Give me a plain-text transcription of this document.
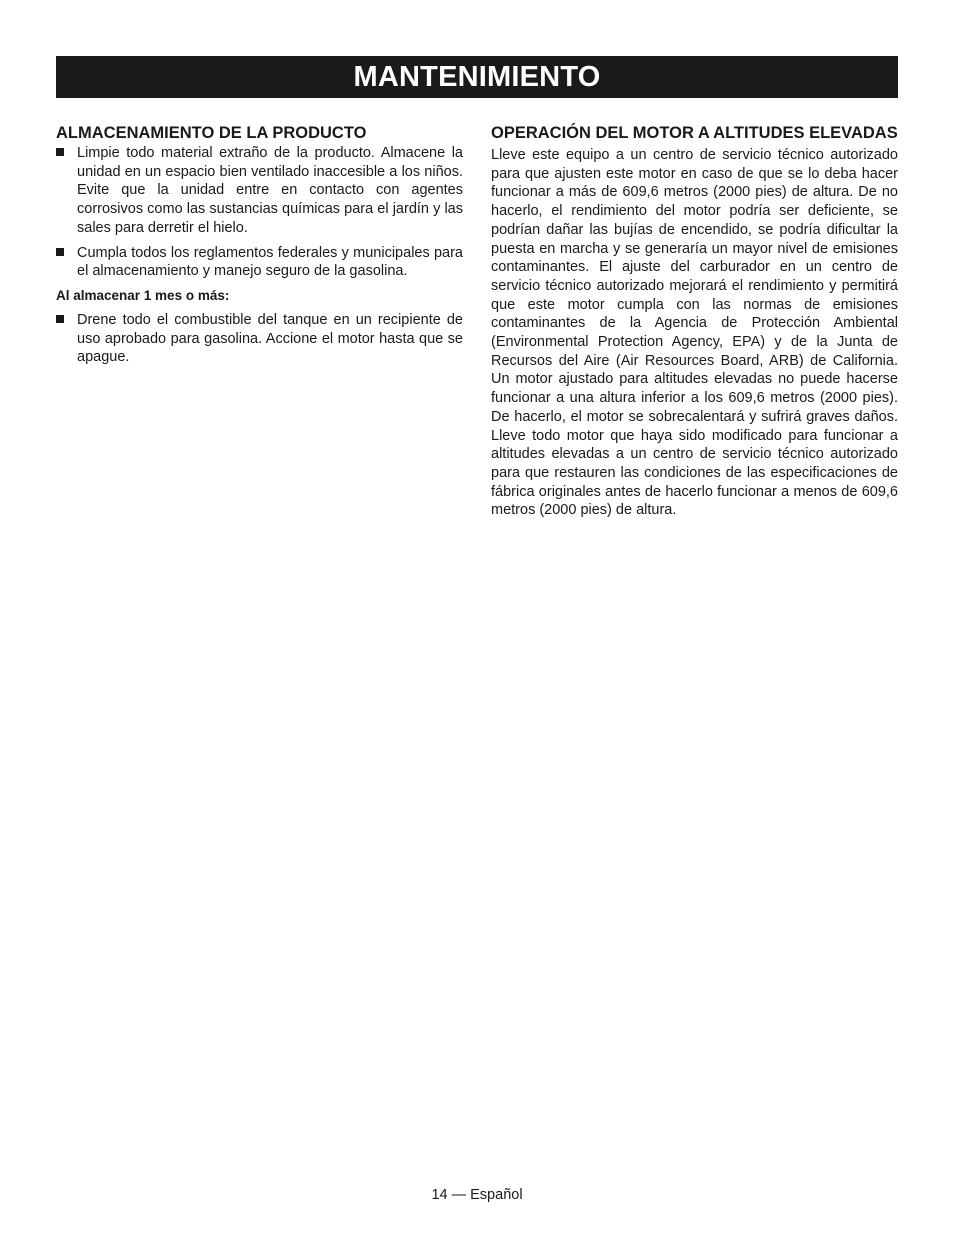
MANTENIMIENTO
ALMACENAMIENTO DE LA PRODUCTO
Limpie todo material extraño de la producto. Almacene la unidad en un espacio bien ventilado inaccesible a los niños. Evite que la unidad entre en contacto con agentes corrosivos como las sustancias químicas para el jardín y las sales para derretir el hielo.
Cumpla todos los reglamentos federales y municipales para el almacenamiento y manejo seguro de la gasolina.
Al almacenar 1 mes o más:
Drene todo el combustible del tanque en un recipiente de uso aprobado para gasolina. Accione el motor hasta que se apague.
OPERACIÓN DEL MOTOR A ALTITUDES ELEVADAS

Lleve este equipo a un centro de servicio técnico autorizado para que ajusten este motor en caso de que se lo deba hacer funcionar a más de 609,6 metros (2000 pies) de altura. De no hacerlo, el rendimiento del motor podría ser deficiente, se podrían dañar las bujías de encendido, se podría dificultar la puesta en marcha y se generaría un mayor nivel de emisiones contaminantes. El ajuste del carburador en un centro de servicio técnico autorizado mejorará el rendimiento y permitirá que este motor cumpla con las normas de emisiones contaminantes de la Agencia de Protección Ambiental (Environmental Protection Agency, EPA) y de la Junta de Recursos del Aire (Air Resources Board, ARB) de California. Un motor ajustado para altitudes elevadas no puede hacerse funcionar a una altura inferior a los 609,6 metros (2000 pies). De hacerlo, el motor se sobrecalentará y sufrirá graves daños. Lleve todo motor que haya sido modificado para funcionar a altitudes elevadas a un centro de servicio técnico autorizado para que restauren las condiciones de las especificaciones de fábrica originales antes de hacerlo funcionar a menos de 609,6 metros (2000 pies) de altura.

14 — Español
